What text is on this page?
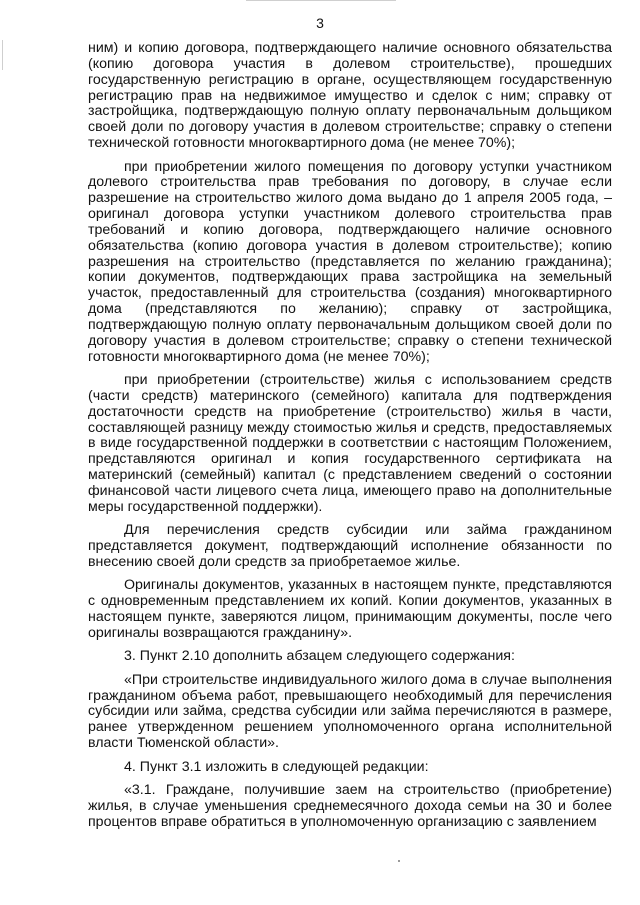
3

ним) и копию договора, подтверждающего наличие основного обязательства (копию договора участия в долевом строительстве), прошедших государственную регистрацию в органе, осуществляющем государственную регистрацию прав на недвижимое имущество и сделок с ним; справку от застройщика, подтверждающую полную оплату первоначальным дольщиком своей доли по договору участия в долевом строительстве; справку о степени технической готовности многоквартирного дома (не менее 70%);

при приобретении жилого помещения по договору уступки участником долевого строительства прав требования по договору, в случае если разрешение на строительство жилого дома выдано до 1 апреля 2005 года, – оригинал договора уступки участником долевого строительства прав требований и копию договора, подтверждающего наличие основного обязательства (копию договора участия в долевом строительстве); копию разрешения на строительство (представляется по желанию гражданина); копии документов, подтверждающих права застройщика на земельный участок, предоставленный для строительства (создания) многоквартирного дома (представляются по желанию); справку от застройщика, подтверждающую полную оплату первоначальным дольщиком своей доли по договору участия в долевом строительстве; справку о степени технической готовности многоквартирного дома (не менее 70%);

при приобретении (строительстве) жилья с использованием средств (части средств) материнского (семейного) капитала для подтверждения достаточности средств на приобретение (строительство) жилья в части, составляющей разницу между стоимостью жилья и средств, предоставляемых в виде государственной поддержки в соответствии с настоящим Положением, представляются оригинал и копия государственного сертификата на материнский (семейный) капитал (с представлением сведений о состоянии финансовой части лицевого счета лица, имеющего право на дополнительные меры государственной поддержки).

Для перечисления средств субсидии или займа гражданином представляется документ, подтверждающий исполнение обязанности по внесению своей доли средств за приобретаемое жилье.

Оригиналы документов, указанных в настоящем пункте, представляются с одновременным представлением их копий. Копии документов, указанных в настоящем пункте, заверяются лицом, принимающим документы, после чего оригиналы возвращаются гражданину».

3. Пункт 2.10 дополнить абзацем следующего содержания:

«При строительстве индивидуального жилого дома в случае выполнения гражданином объема работ, превышающего необходимый для перечисления субсидии или займа, средства субсидии или займа перечисляются в размере, ранее утвержденном решением уполномоченного органа исполнительной власти Тюменской области».

4. Пункт 3.1 изложить в следующей редакции:

«3.1. Граждане, получившие заем на строительство (приобретение) жилья, в случае уменьшения среднемесячного дохода семьи на 30 и более процентов вправе обратиться в уполномоченную организацию с заявлением
